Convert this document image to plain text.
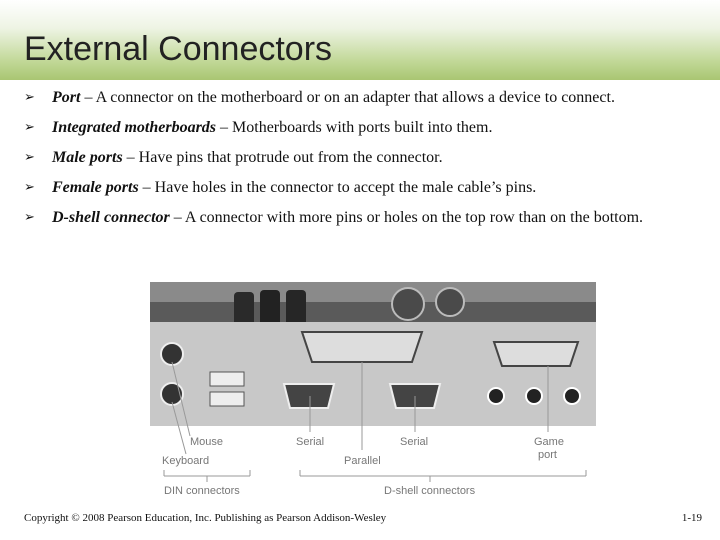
External Connectors
➢ Port – A connector on the motherboard or on an adapter that allows a device to connect.
➢ Integrated motherboards – Motherboards with ports built into them.
➢ Male ports – Have pins that protrude out from the connector.
➢ Female ports – Have holes in the connector to accept the male cable’s pins.
➢ D-shell connector – A connector with more pins or holes on the top row than on the bottom.
Mouse
Keyboard
Serial	Serial
Parallel
Game
port
DIN connectors	D-shell connectors
Copyright © 2008 Pearson Education, Inc. Publishing as Pearson Addison-Wesley	1-19
